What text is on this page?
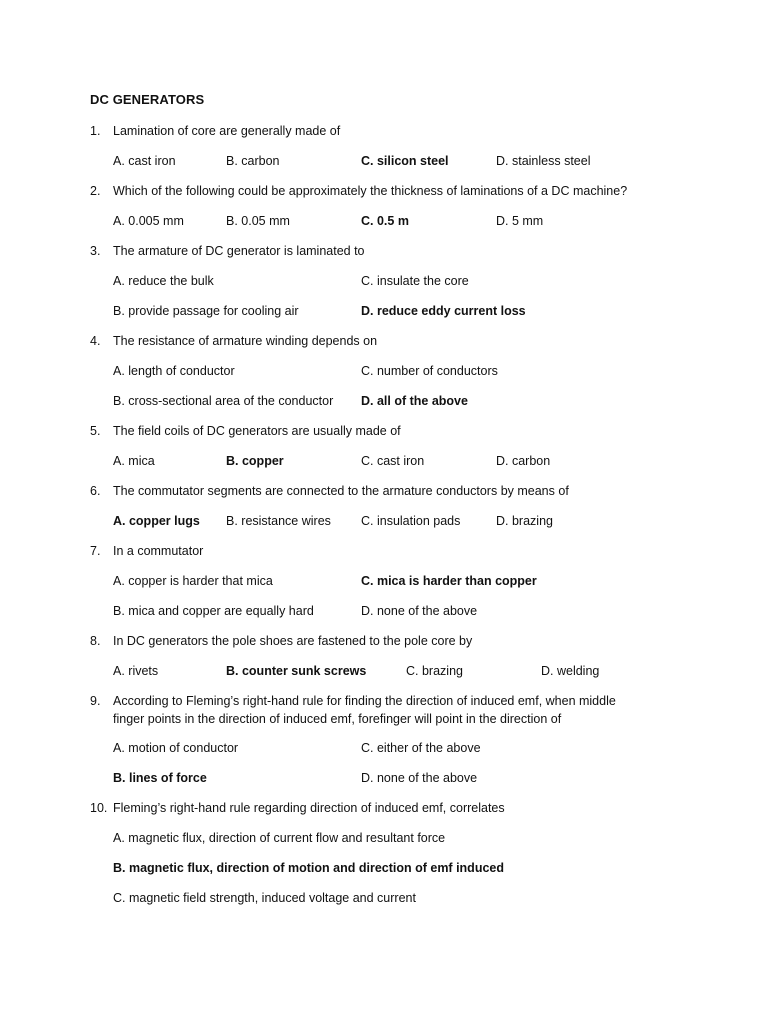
DC GENERATORS
1. Lamination of core are generally made of
A. cast iron	B. carbon	C. silicon steel	D. stainless steel
2. Which of the following could be approximately the thickness of laminations of a DC machine?
A. 0.005 mm	B. 0.05 mm	C. 0.5 m	D. 5 mm
3. The armature of DC generator is laminated to
A. reduce the bulk	C. insulate the core
B. provide passage for cooling air	D. reduce eddy current loss
4. The resistance of armature winding depends on
A. length of conductor	C. number of conductors
B. cross-sectional area of the conductor D. all of the above
5. The field coils of DC generators are usually made of
A. mica	B. copper	C. cast iron	D. carbon
6. The commutator segments are connected to the armature conductors by means of
A. copper lugs B. resistance wires C. insulation pads	D. brazing
7. In a commutator
A. copper is harder that mica	C. mica is harder than copper
B. mica and copper are equally hard	D. none of the above
8. In DC generators the pole shoes are fastened to the pole core by
A. rivets	B. counter sunk screws	C. brazing	D. welding
9. According to Fleming’s right-hand rule for finding the direction of induced emf, when middle finger points in the direction of induced emf, forefinger will point in the direction of
A. motion of conductor	C. either of the above
B. lines of force	D. none of the above
10. Fleming’s right-hand rule regarding direction of induced emf, correlates
A. magnetic flux, direction of current flow and resultant force
B. magnetic flux, direction of motion and direction of emf induced
C. magnetic field strength, induced voltage and current
